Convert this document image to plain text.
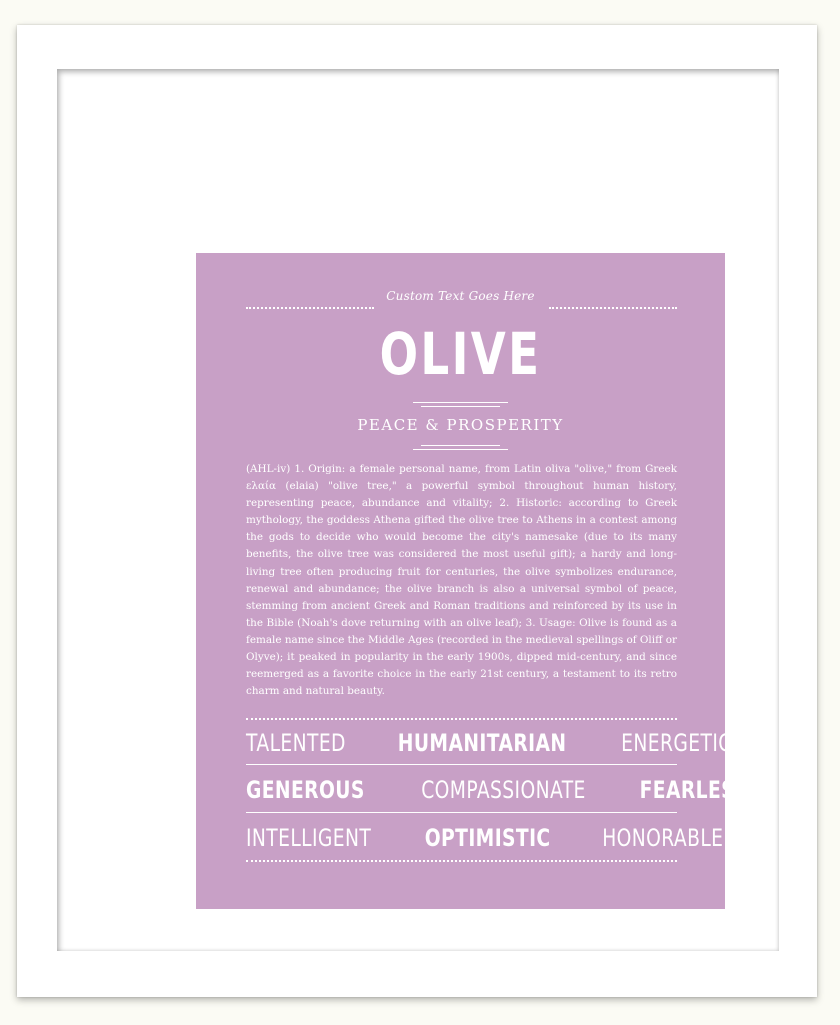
Custom Text Goes Here
OLIVE
PEACE & PROSPERITY
(AHL-iv) 1. Origin: a female personal name, from Latin oliva "olive," from Greek ελαία (elaia) "olive tree," a powerful symbol throughout human history, representing peace, abundance and vitality; 2. Historic: according to Greek mythology, the goddess Athena gifted the olive tree to Athens in a contest among the gods to decide who would become the city's namesake (due to its many benefits, the olive tree was considered the most useful gift); a hardy and long-living tree often producing fruit for centuries, the olive symbolizes endurance, renewal and abundance; the olive branch is also a universal symbol of peace, stemming from ancient Greek and Roman traditions and reinforced by its use in the Bible (Noah's dove returning with an olive leaf); 3. Usage: Olive is found as a female name since the Middle Ages (recorded in the medieval spellings of Oliff or Olyve); it peaked in popularity in the early 1900s, dipped mid-century, and since reemerged as a favorite choice in the early 21st century, a testament to its retro charm and natural beauty.
TALENTED HUMANITARIAN ENERGETIC
GENEROUS COMPASSIONATE FEARLESS
INTELLIGENT OPTIMISTIC HONORABLE
